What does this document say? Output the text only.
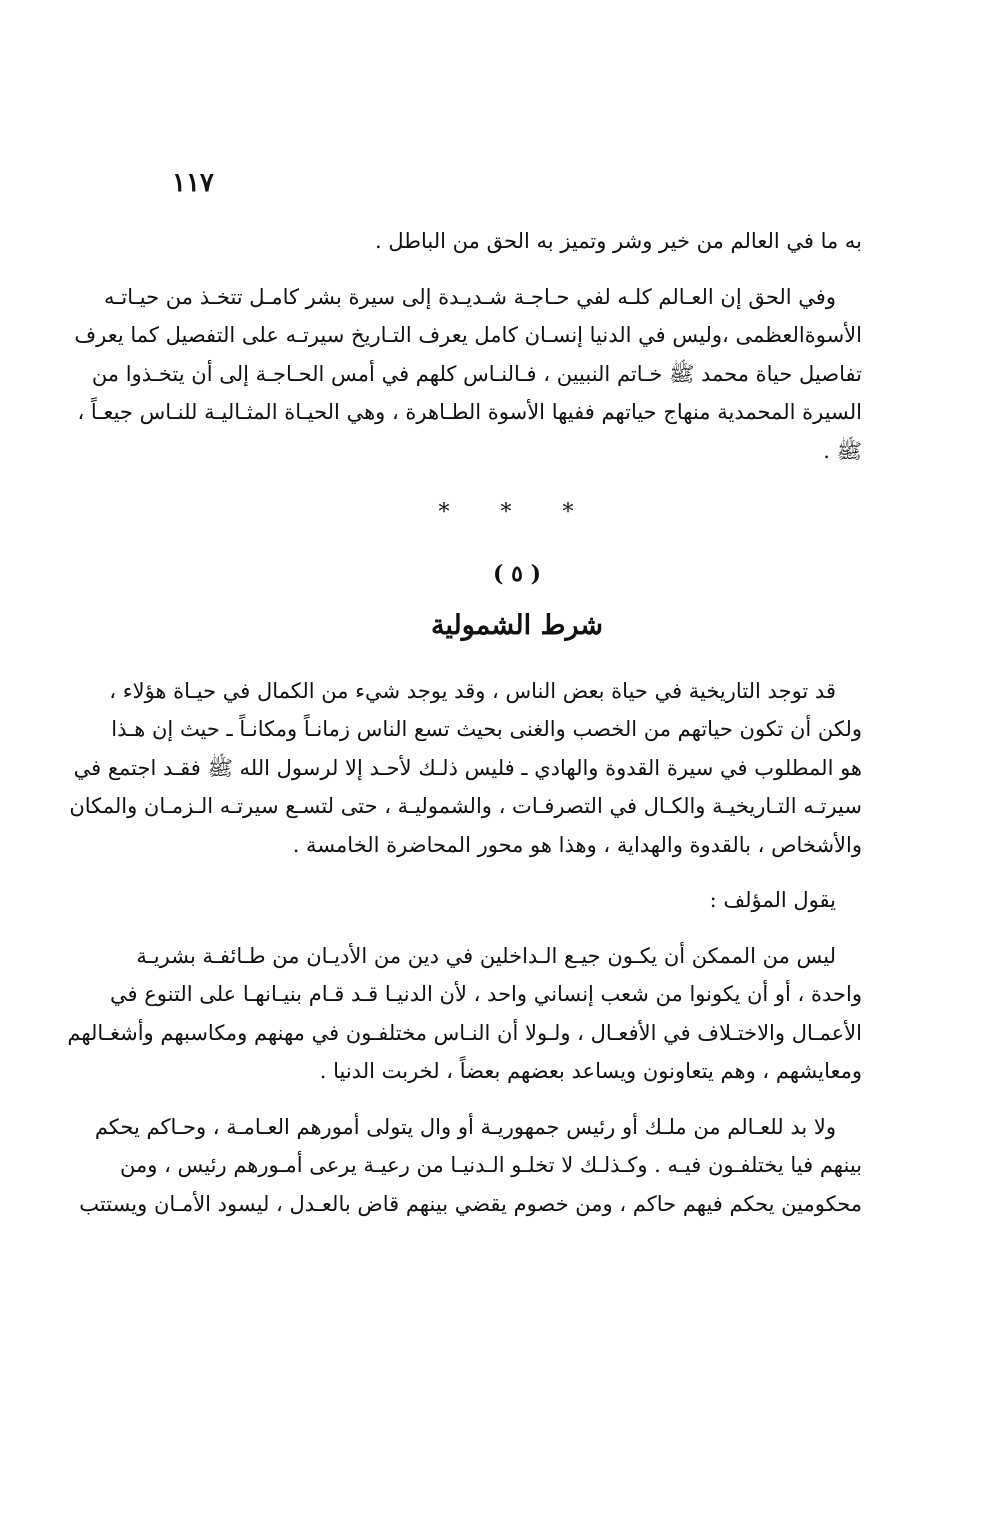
١١٧
به ما في العالم من خير وشر وتميز به الحق من الباطل .
وفي الحق إن العـالم كلـه لفي حـاجـة شـديـدة إلى سيرة بشر كامـل تتخـذ من حيـاتـه
الأسوةالعظمى ،وليس في الدنيا إنسـان كامل يعرف التـاريخ سيرتـه على التفصيل كما يعرف
تفاصيل حياة محمد ﷺ خـاتم النبيين ، فـالنـاس كلهم في أمس الحـاجـة إلى أن يتخـذوا من
السيرة المحمدية منهاج حياتهم ففيها الأسوة الطـاهرة ، وهي الحيـاة المثـاليـة للنـاس جيعـاً ،
ﷺ .
* * *
( ٥ )
شرط الشمولية
قد توجد التاريخية في حياة بعض الناس ، وقد يوجد شيء من الكمال في حيـاة هؤلاء ،
ولكن أن تكون حياتهم من الخصب والغنى بحيث تسع الناس زمانـاً ومكانـاً ـ حيث إن هـذا
هو المطلوب في سيرة القدوة والهادي ـ فليس ذلـك لأحـد إلا لرسول الله ﷺ فقـد اجتمع في
سيرتـه التـاريخيـة والكـال في التصرفـات ، والشموليـة ، حتى لتسـع سيرتـه الـزمـان والمكان
والأشخاص ، بالقدوة والهداية ، وهذا هو محور المحاضرة الخامسة .
يقول المؤلف :
ليس من الممكن أن يكـون جيـع الـداخلين في دين من الأديـان من طـائفـة بشريـة
واحدة ، أو أن يكونوا من شعب إنساني واحد ، لأن الدنيـا قـد قـام بنيـانهـا على التنوع في
الأعمـال والاختـلاف في الأفعـال ، ولـولا أن النـاس مختلفـون في مهنهم ومكاسبهم وأشغـالهم
ومعايشهم ، وهم يتعاونون ويساعد بعضهم بعضاً ، لخربت الدنيا .
ولا بد للعـالم من ملـك أو رئيس جمهوريـة أو وال يتولى أمورهم العـامـة ، وحـاكم يحكم
بينهم فيا يختلفـون فيـه . وكـذلـك لا تخلـو الـدنيـا من رعيـة يرعى أمـورهم رئيس ، ومن
محكومين يحكم فيهم حاكم ، ومن خصوم يقضي بينهم قاض بالعـدل ، ليسود الأمـان ويستتب
